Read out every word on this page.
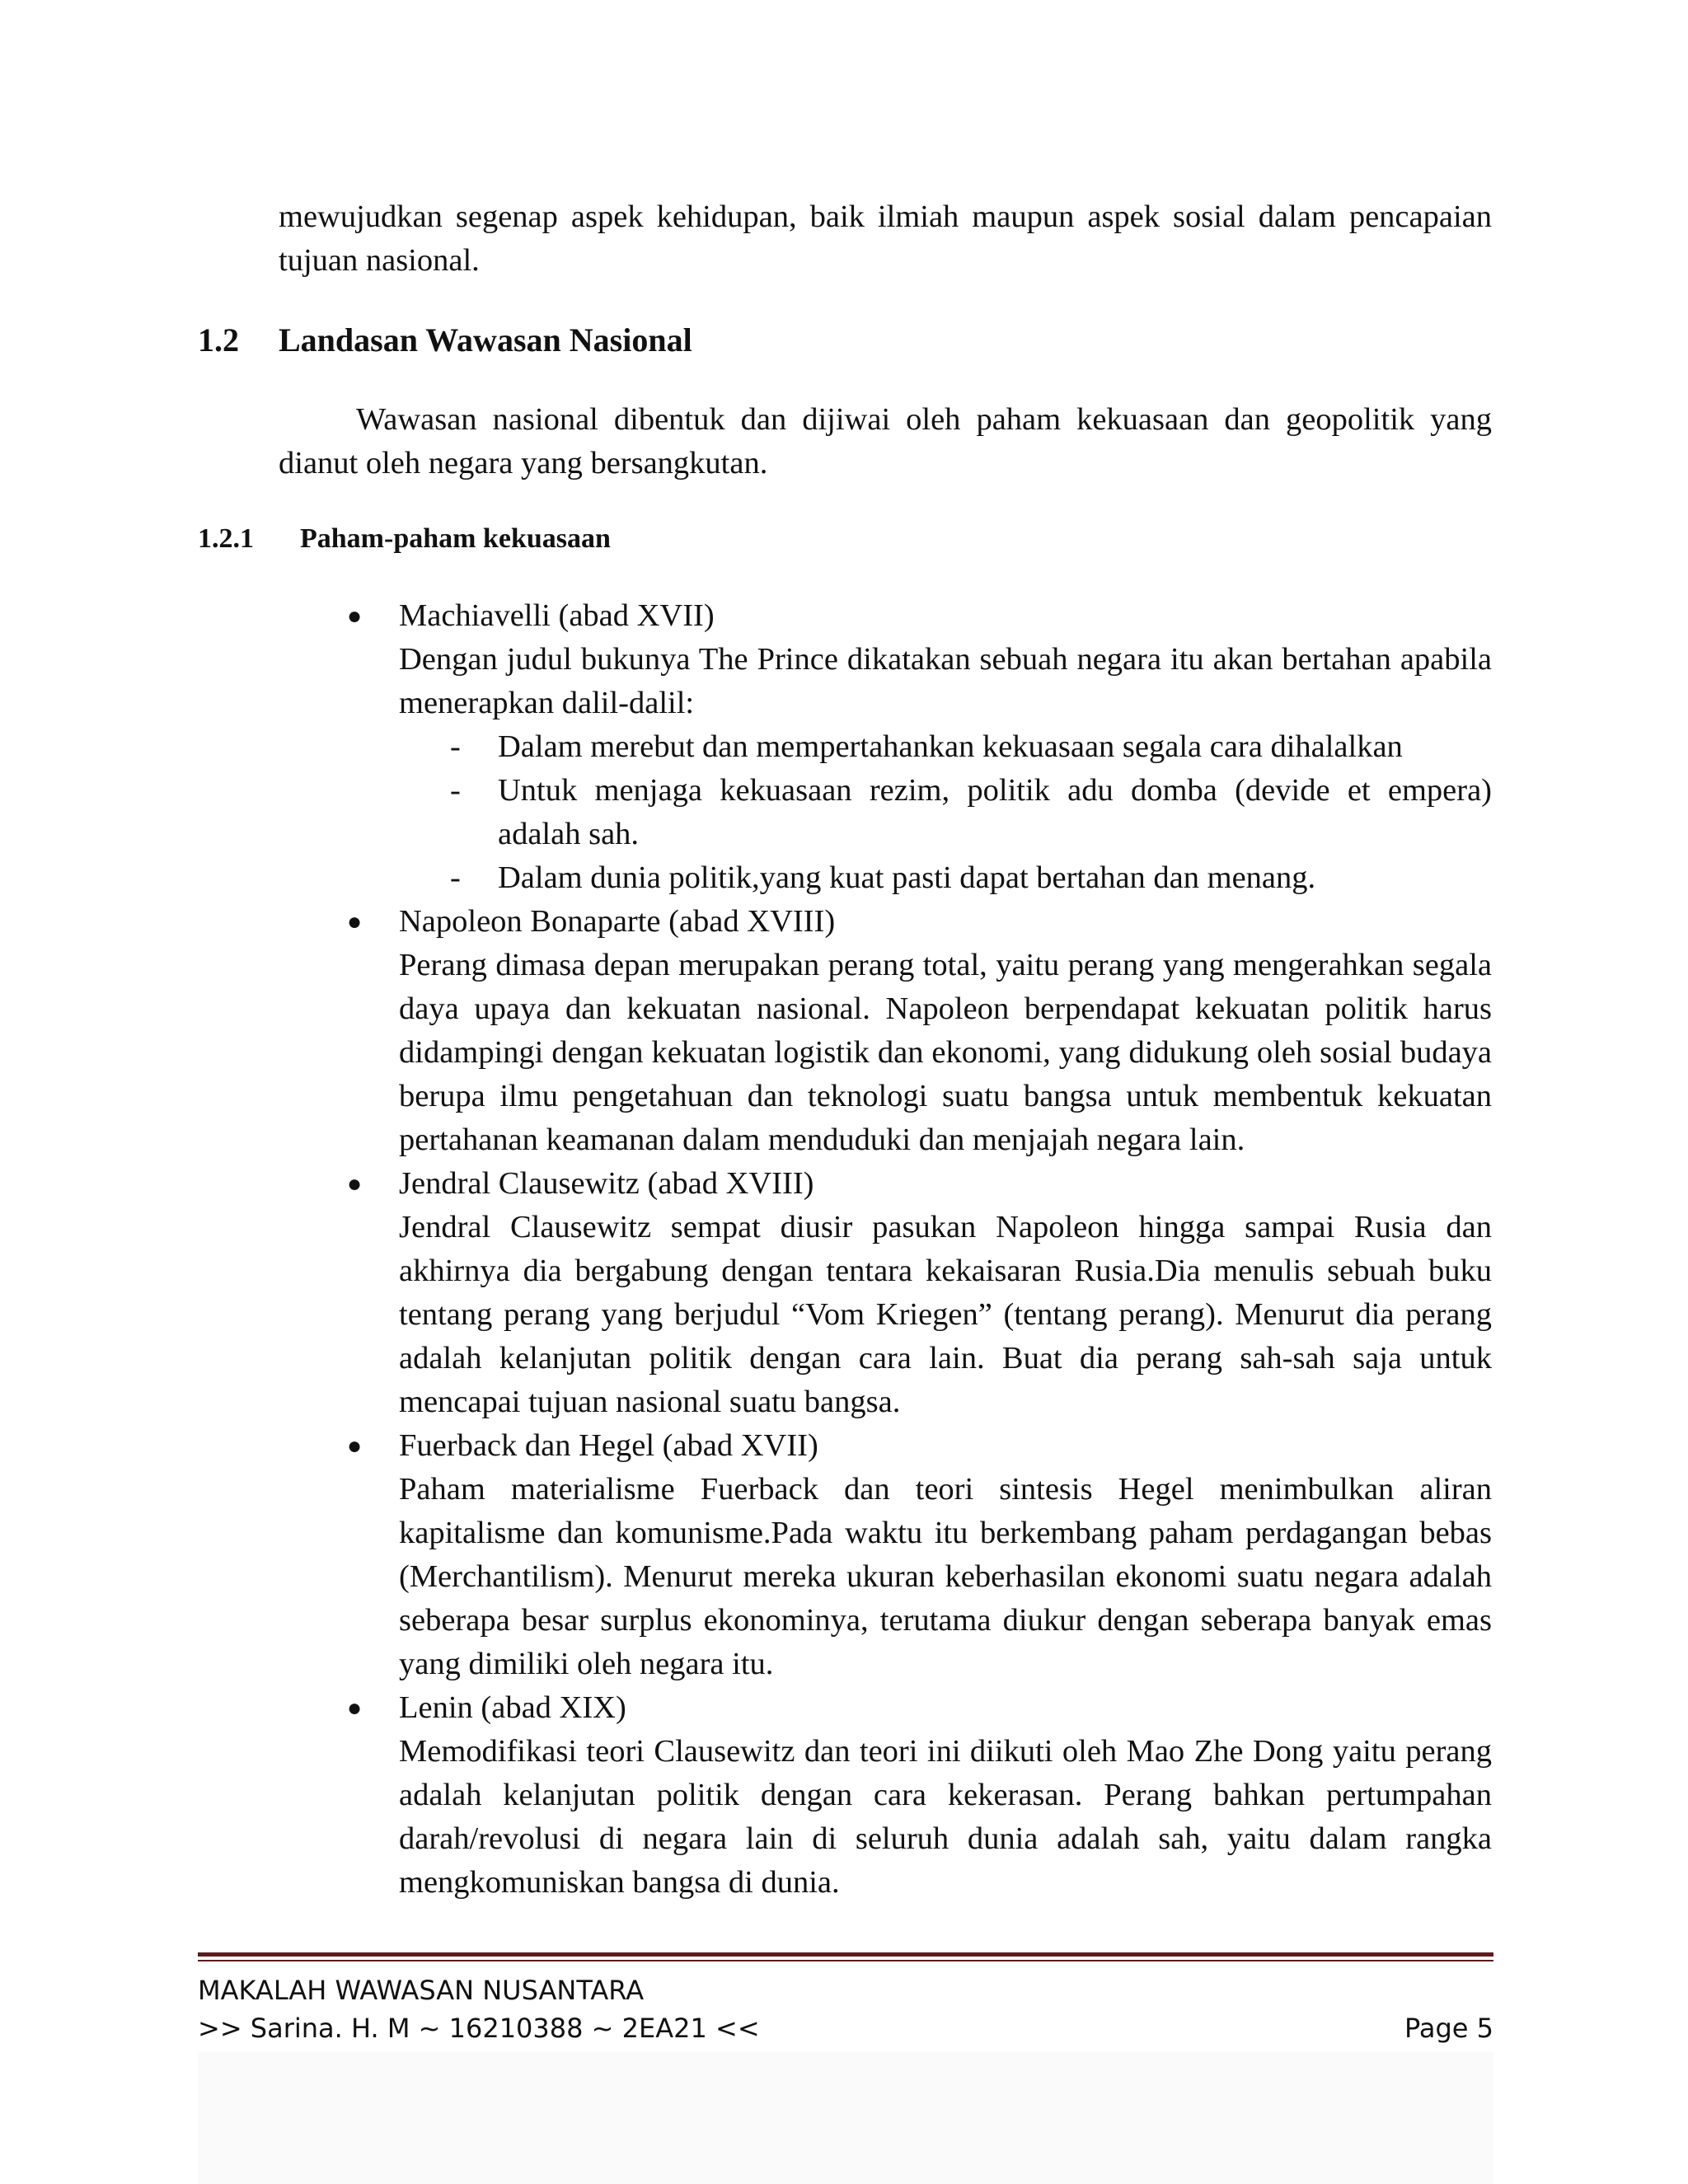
mewujudkan segenap aspek kehidupan, baik ilmiah maupun aspek sosial dalam pencapaian tujuan nasional.
1.2 Landasan Wawasan Nasional
Wawasan nasional dibentuk dan dijiwai oleh paham kekuasaan dan geopolitik yang dianut oleh negara yang bersangkutan.
1.2.1 Paham-paham kekuasaan
● Machiavelli (abad XVII)
Dengan judul bukunya The Prince dikatakan sebuah negara itu akan bertahan apabila menerapkan dalil-dalil:
- Dalam merebut dan mempertahankan kekuasaan segala cara dihalalkan
- Untuk menjaga kekuasaan rezim, politik adu domba (devide et empera) adalah sah.
- Dalam dunia politik,yang kuat pasti dapat bertahan dan menang.
● Napoleon Bonaparte (abad XVIII)
Perang dimasa depan merupakan perang total, yaitu perang yang mengerahkan segala daya upaya dan kekuatan nasional. Napoleon berpendapat kekuatan politik harus didampingi dengan kekuatan logistik dan ekonomi, yang didukung oleh sosial budaya berupa ilmu pengetahuan dan teknologi suatu bangsa untuk membentuk kekuatan pertahanan keamanan dalam menduduki dan menjajah negara lain.
● Jendral Clausewitz (abad XVIII)
Jendral Clausewitz sempat diusir pasukan Napoleon hingga sampai Rusia dan akhirnya dia bergabung dengan tentara kekaisaran Rusia.Dia menulis sebuah buku tentang perang yang berjudul “Vom Kriegen” (tentang perang). Menurut dia perang adalah kelanjutan politik dengan cara lain. Buat dia perang sah-sah saja untuk mencapai tujuan nasional suatu bangsa.
● Fuerback dan Hegel (abad XVII)
Paham materialisme Fuerback dan teori sintesis Hegel menimbulkan aliran kapitalisme dan komunisme.Pada waktu itu berkembang paham perdagangan bebas (Merchantilism). Menurut mereka ukuran keberhasilan ekonomi suatu negara adalah seberapa besar surplus ekonominya, terutama diukur dengan seberapa banyak emas yang dimiliki oleh negara itu.
● Lenin (abad XIX)
Memodifikasi teori Clausewitz dan teori ini diikuti oleh Mao Zhe Dong yaitu perang adalah kelanjutan politik dengan cara kekerasan. Perang bahkan pertumpahan darah/revolusi di negara lain di seluruh dunia adalah sah, yaitu dalam rangka mengkomuniskan bangsa di dunia.
MAKALAH WAWASAN NUSANTARA
>> Sarina. H. M ~ 16210388 ~ 2EA21 <<	Page 5
